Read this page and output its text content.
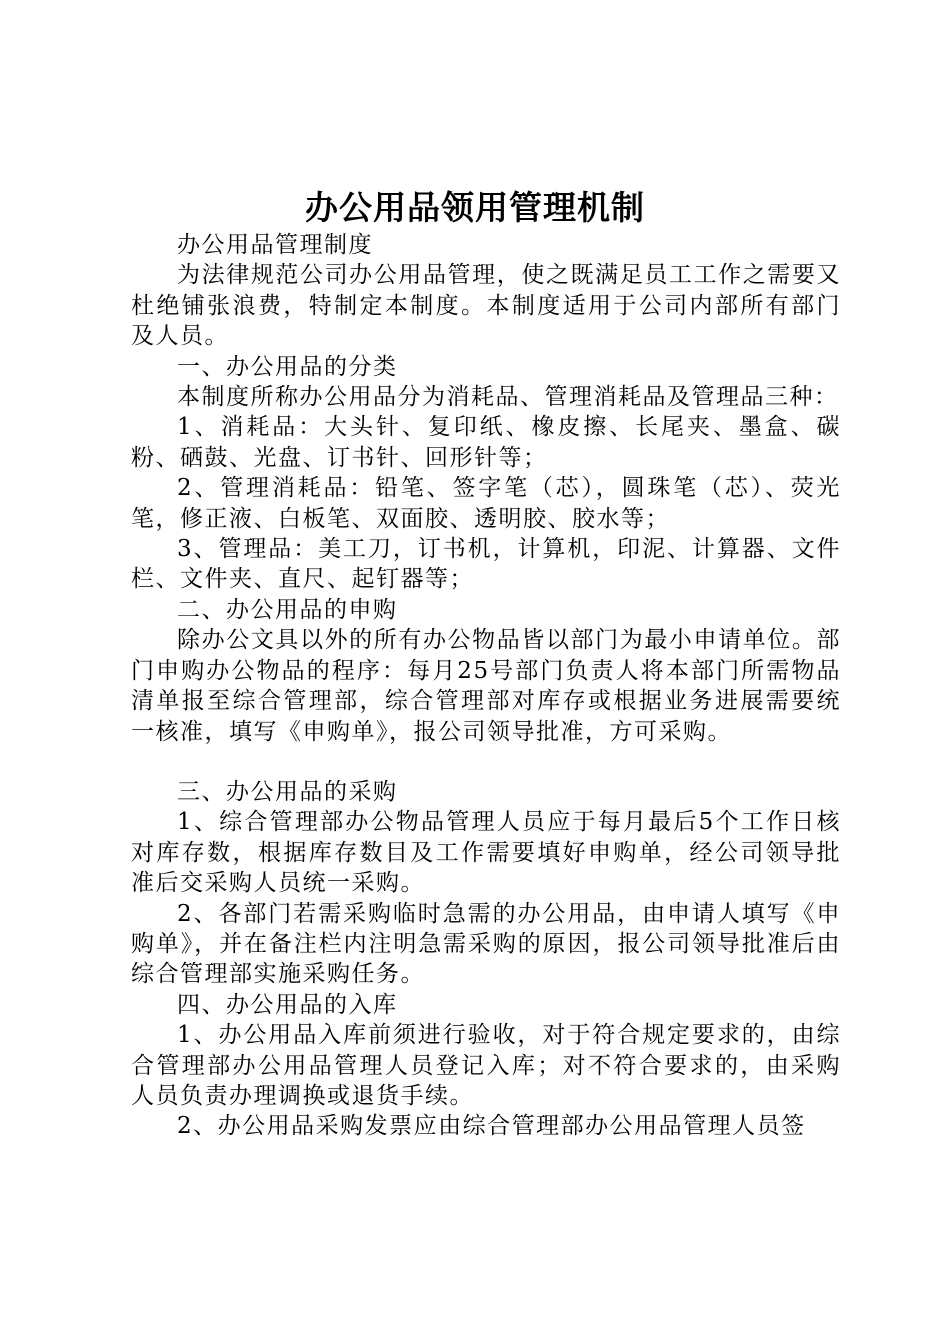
办公用品领用管理机制

办公用品管理制度

为法律规范公司办公用品管理，使之既满足员工工作之需要又杜绝铺张浪费，特制定本制度。本制度适用于公司内部所有部门及人员。

一、办公用品的分类

本制度所称办公用品分为消耗品、管理消耗品及管理品三种：

1、消耗品：大头针、复印纸、橡皮擦、长尾夹、墨盒、碳粉、硒鼓、光盘、订书针、回形针等；

2、管理消耗品：铅笔、签字笔（芯），圆珠笔（芯）、荧光笔，修正液、白板笔、双面胶、透明胶、胶水等；

3、管理品：美工刀，订书机，计算机，印泥、计算器、文件栏、文件夹、直尺、起钉器等；

二、办公用品的申购

除办公文具以外的所有办公物品皆以部门为最小申请单位。部门申购办公物品的程序：每月25号部门负责人将本部门所需物品清单报至综合管理部，综合管理部对库存或根据业务进展需要统一核准，填写《申购单》，报公司领导批准，方可采购。

三、办公用品的采购

1、综合管理部办公物品管理人员应于每月最后5个工作日核对库存数，根据库存数目及工作需要填好申购单，经公司领导批准后交采购人员统一采购。

2、各部门若需采购临时急需的办公用品，由申请人填写《申购单》，并在备注栏内注明急需采购的原因，报公司领导批准后由综合管理部实施采购任务。

四、办公用品的入库

1、办公用品入库前须进行验收，对于符合规定要求的，由综合管理部办公用品管理人员登记入库；对不符合要求的，由采购人员负责办理调换或退货手续。

2、办公用品采购发票应由综合管理部办公用品管理人员签
